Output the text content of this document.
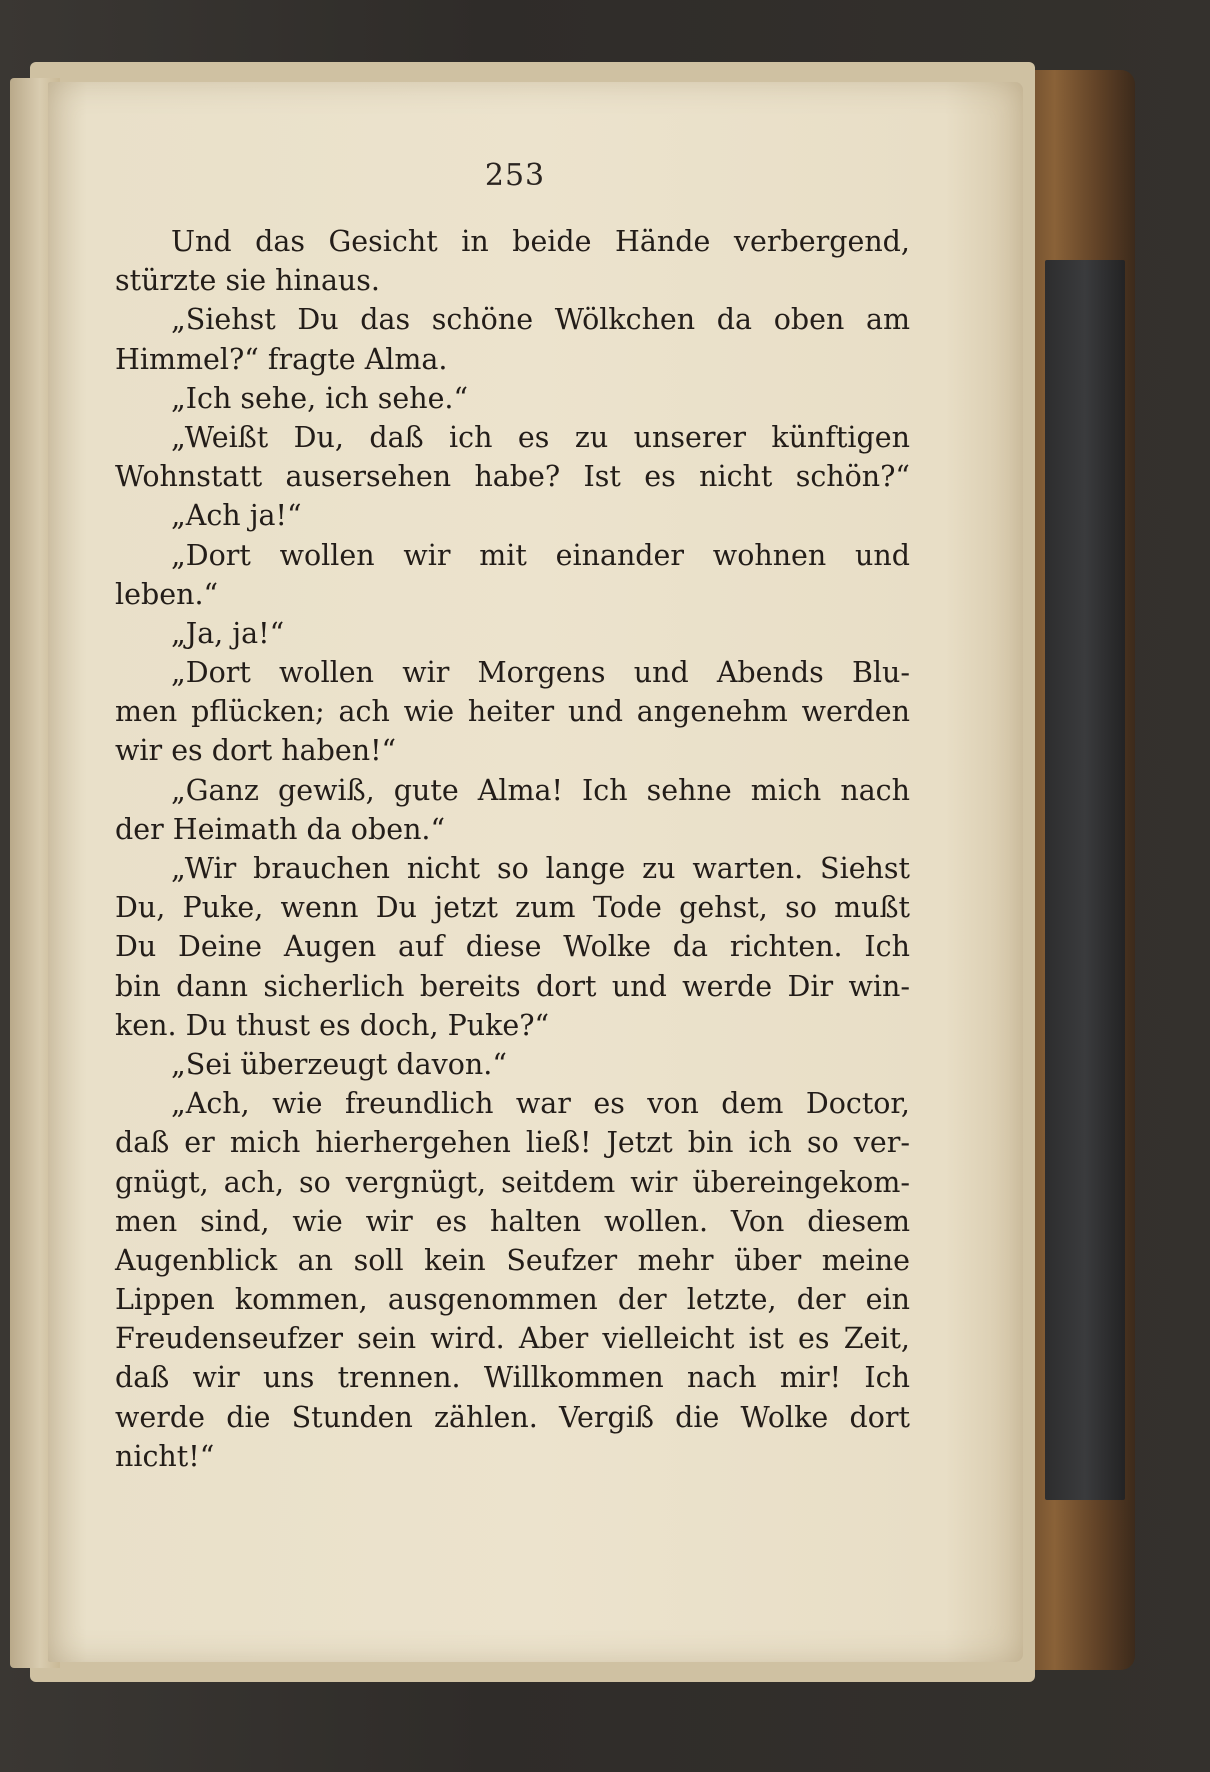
253
Und das Gesicht in beide Hände verbergend,
stürzte sie hinaus.
„Siehst Du das schöne Wölkchen da oben am
Himmel?“ fragte Alma.
„Ich sehe, ich sehe.“
„Weißt Du, daß ich es zu unserer künftigen
Wohnstatt ausersehen habe? Ist es nicht schön?“
„Ach ja!“
„Dort wollen wir mit einander wohnen und
leben.“
„Ja, ja!“
„Dort wollen wir Morgens und Abends Blu-
men pflücken; ach wie heiter und angenehm werden
wir es dort haben!“
„Ganz gewiß, gute Alma! Ich sehne mich nach
der Heimath da oben.“
„Wir brauchen nicht so lange zu warten. Siehst
Du, Puke, wenn Du jetzt zum Tode gehst, so mußt
Du Deine Augen auf diese Wolke da richten. Ich
bin dann sicherlich bereits dort und werde Dir win-
ken. Du thust es doch, Puke?“
„Sei überzeugt davon.“
„Ach, wie freundlich war es von dem Doctor,
daß er mich hierhergehen ließ! Jetzt bin ich so ver-
gnügt, ach, so vergnügt, seitdem wir übereingekom-
men sind, wie wir es halten wollen. Von diesem
Augenblick an soll kein Seufzer mehr über meine
Lippen kommen, ausgenommen der letzte, der ein
Freudenseufzer sein wird. Aber vielleicht ist es Zeit,
daß wir uns trennen. Willkommen nach mir! Ich
werde die Stunden zählen. Vergiß die Wolke dort
nicht!“
